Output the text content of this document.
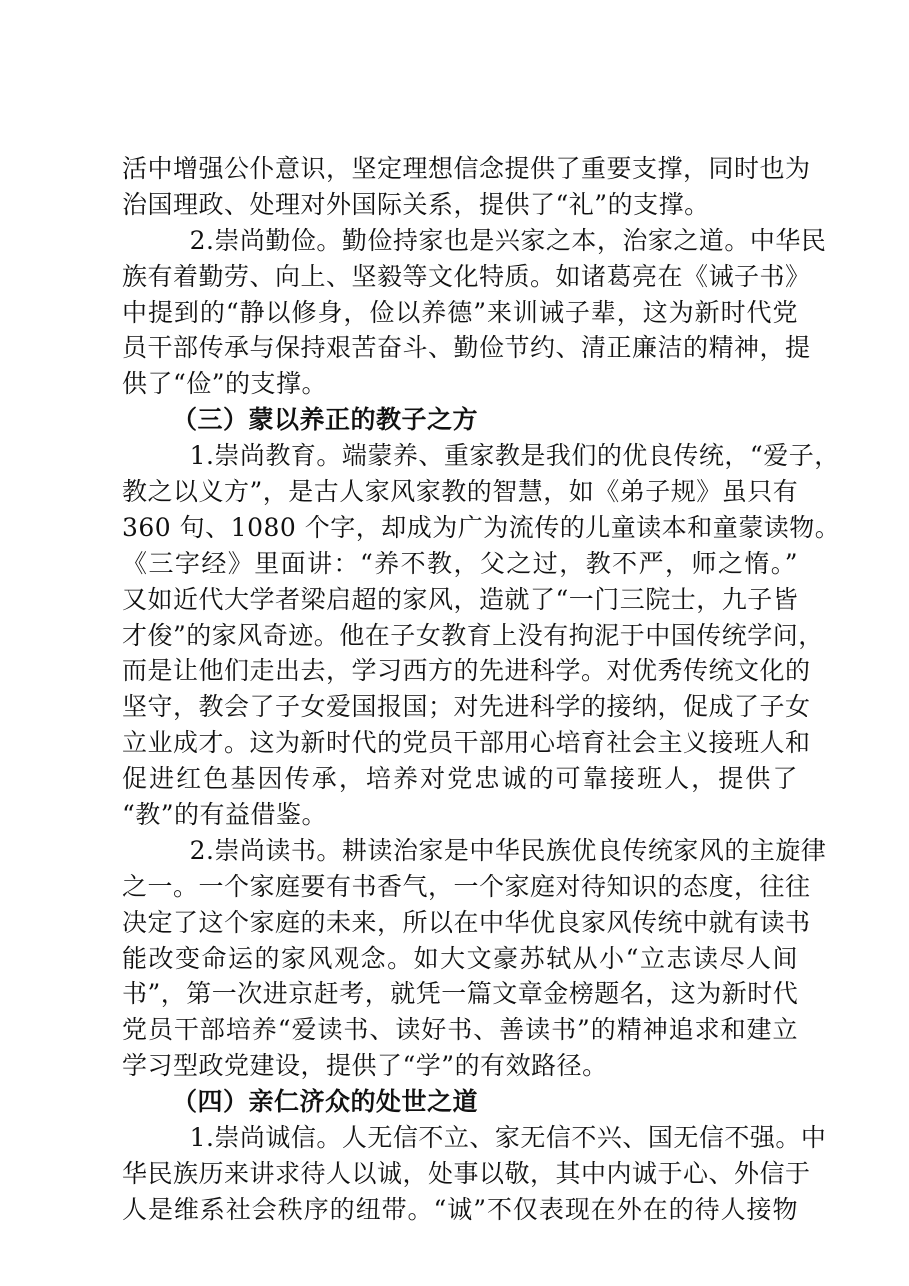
活中增强公仆意识，坚定理想信念提供了重要支撑，同时也为
治国理政、处理对外国际关系，提供了“礼”的支撑。
2.崇尚勤俭。勤俭持家也是兴家之本，治家之道。中华民
族有着勤劳、向上、坚毅等文化特质。如诸葛亮在《诫子书》
中提到的“静以修身，俭以养德”来训诫子辈，这为新时代党
员干部传承与保持艰苦奋斗、勤俭节约、清正廉洁的精神，提
供了“俭”的支撑。
（三）蒙以养正的教子之方
1.崇尚教育。端蒙养、重家教是我们的优良传统，“爱子，
教之以义方”，是古人家风家教的智慧，如《弟子规》虽只有
360 句、1080 个字，却成为广为流传的儿童读本和童蒙读物。
《三字经》里面讲：“养不教，父之过，教不严，师之惰。”
又如近代大学者梁启超的家风，造就了“一门三院士，九子皆
才俊”的家风奇迹。他在子女教育上没有拘泥于中国传统学问，
而是让他们走出去，学习西方的先进科学。对优秀传统文化的
坚守，教会了子女爱国报国；对先进科学的接纳，促成了子女
立业成才。这为新时代的党员干部用心培育社会主义接班人和
促进红色基因传承，培养对党忠诚的可靠接班人，提供了
“教”的有益借鉴。
2.崇尚读书。耕读治家是中华民族优良传统家风的主旋律
之一。一个家庭要有书香气，一个家庭对待知识的态度，往往
决定了这个家庭的未来，所以在中华优良家风传统中就有读书
能改变命运的家风观念。如大文豪苏轼从小“立志读尽人间
书”，第一次进京赶考，就凭一篇文章金榜题名，这为新时代
党员干部培养“爱读书、读好书、善读书”的精神追求和建立
学习型政党建设，提供了“学”的有效路径。
（四）亲仁济众的处世之道
1.崇尚诚信。人无信不立、家无信不兴、国无信不强。中
华民族历来讲求待人以诚，处事以敬，其中内诚于心、外信于
人是维系社会秩序的纽带。“诚”不仅表现在外在的待人接物
